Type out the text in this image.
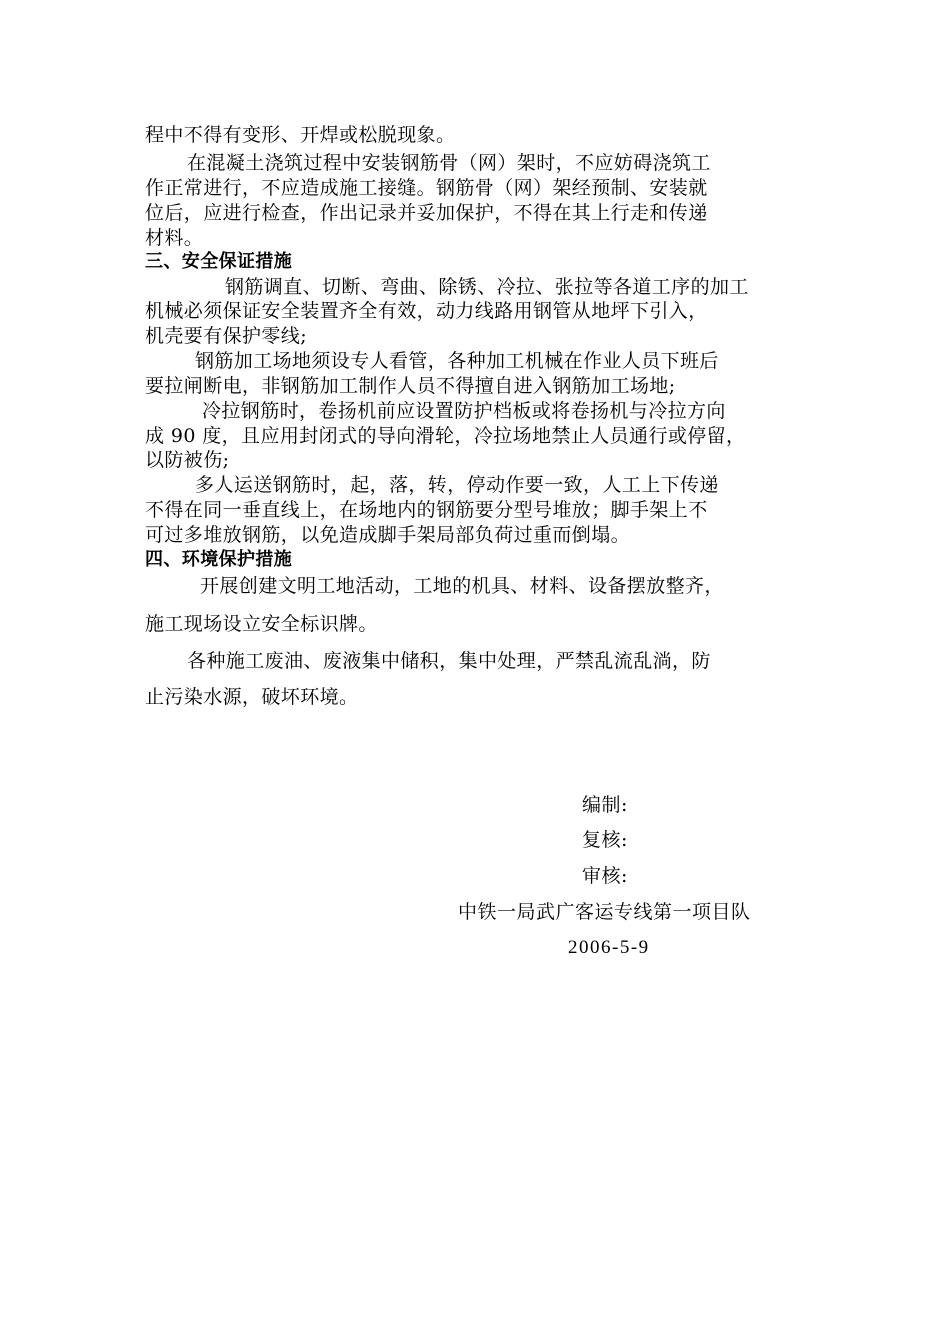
程中不得有变形、开焊或松脱现象。
在混凝土浇筑过程中安装钢筋骨（网）架时，不应妨碍浇筑工
作正常进行，不应造成施工接缝。钢筋骨（网）架经预制、安装就
位后，应进行检查，作出记录并妥加保护，不得在其上行走和传递
材料。
三、安全保证措施
钢筋调直、切断、弯曲、除锈、冷拉、张拉等各道工序的加工
机械必须保证安全装置齐全有效，动力线路用钢管从地坪下引入，
机壳要有保护零线;
钢筋加工场地须设专人看管，各种加工机械在作业人员下班后
要拉闸断电，非钢筋加工制作人员不得擅自进入钢筋加工场地;
冷拉钢筋时，卷扬机前应设置防护档板或将卷扬机与冷拉方向
成 90 度，且应用封闭式的导向滑轮，冷拉场地禁止人员通行或停留，
以防被伤;
多人运送钢筋时，起，落，转，停动作要一致，人工上下传递
不得在同一垂直线上，在场地内的钢筋要分型号堆放；脚手架上不
可过多堆放钢筋，以免造成脚手架局部负荷过重而倒塌。
四、环境保护措施
开展创建文明工地活动，工地的机具、材料、设备摆放整齐，
施工现场设立安全标识牌。
各种施工废油、废液集中储积，集中处理，严禁乱流乱淌，防
止污染水源，破坏环境。
编制:
复核:
审核:
中铁一局武广客运专线第一项目队
2006-5-9
